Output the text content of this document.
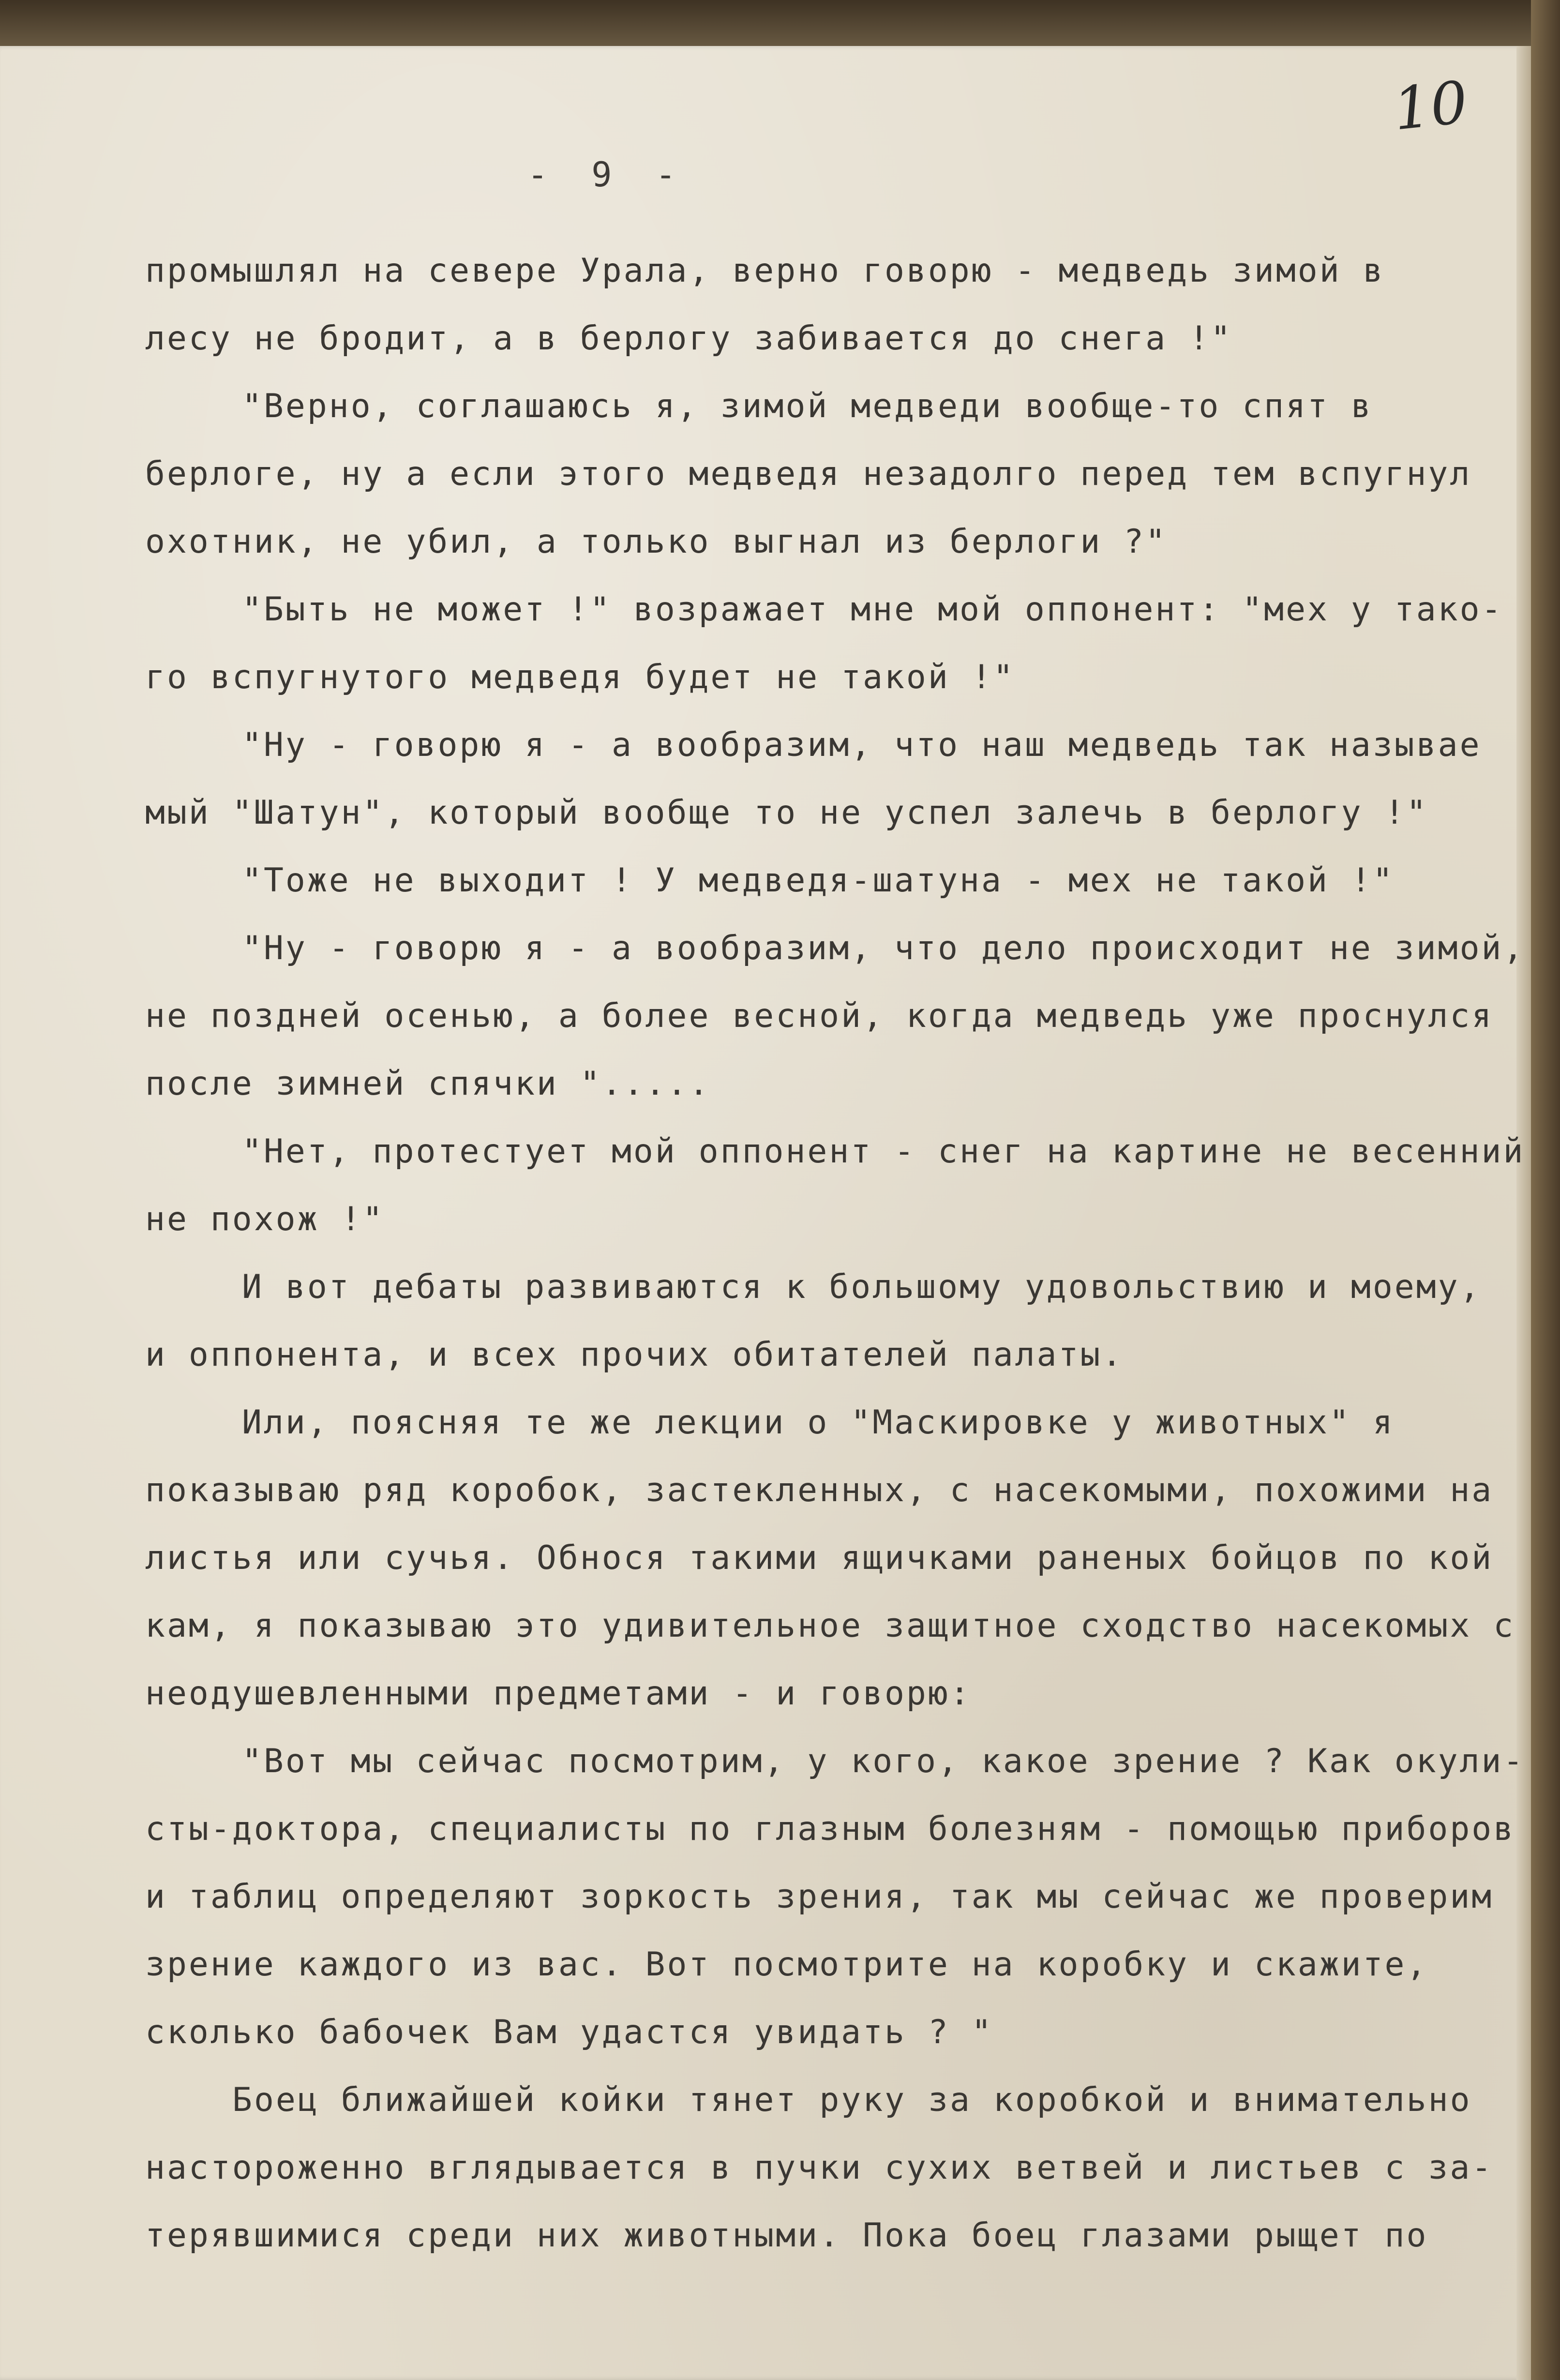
10
- 9 -
промышлял на севере Урала, верно говорю - медведь зимой в
лесу не бродит, а в берлогу забивается до снега !"
"Верно, соглашаюсь я, зимой медведи вообще-то спят в
берлоге, ну а если этого медведя незадолго перед тем вспугнул
охотник, не убил, а только выгнал из берлоги ?"
"Быть не может !" возражает мне мой оппонент: "мех у тако-
го вспугнутого медведя будет не такой !"
"Ну - говорю я - а вообразим, что наш медведь так называе
мый "Шатун", который вообще то не успел залечь в берлогу !"
"Тоже не выходит ! У медведя-шатуна - мех не такой !"
"Ну - говорю я - а вообразим, что дело происходит не зимой,
не поздней осенью, а более весной, когда медведь уже проснулся
после зимней спячки ".....
"Нет, протестует мой оппонент - снег на картине не весенний
не похож !"
И вот дебаты развиваются к большому удовольствию и моему,
и оппонента, и всех прочих обитателей палаты.
Или, поясняя те же лекции о "Маскировке у животных" я
показываю ряд коробок, застекленных, с насекомыми, похожими на
листья или сучья. Обнося такими ящичками раненых бойцов по кой
кам, я показываю это удивительное защитное сходство насекомых с
неодушевленными предметами - и говорю:
"Вот мы сейчас посмотрим, у кого, какое зрение ? Как окули-
сты-доктора, специалисты по глазным болезням - помощью приборов
и таблиц определяют зоркость зрения, так мы сейчас же проверим
зрение каждого из вас. Вот посмотрите на коробку и скажите,
сколько бабочек Вам удастся увидать ? "
Боец ближайшей койки тянет руку за коробкой и внимательно
настороженно вглядывается в пучки сухих ветвей и листьев с за-
терявшимися среди них животными. Пока боец глазами рыщет по
